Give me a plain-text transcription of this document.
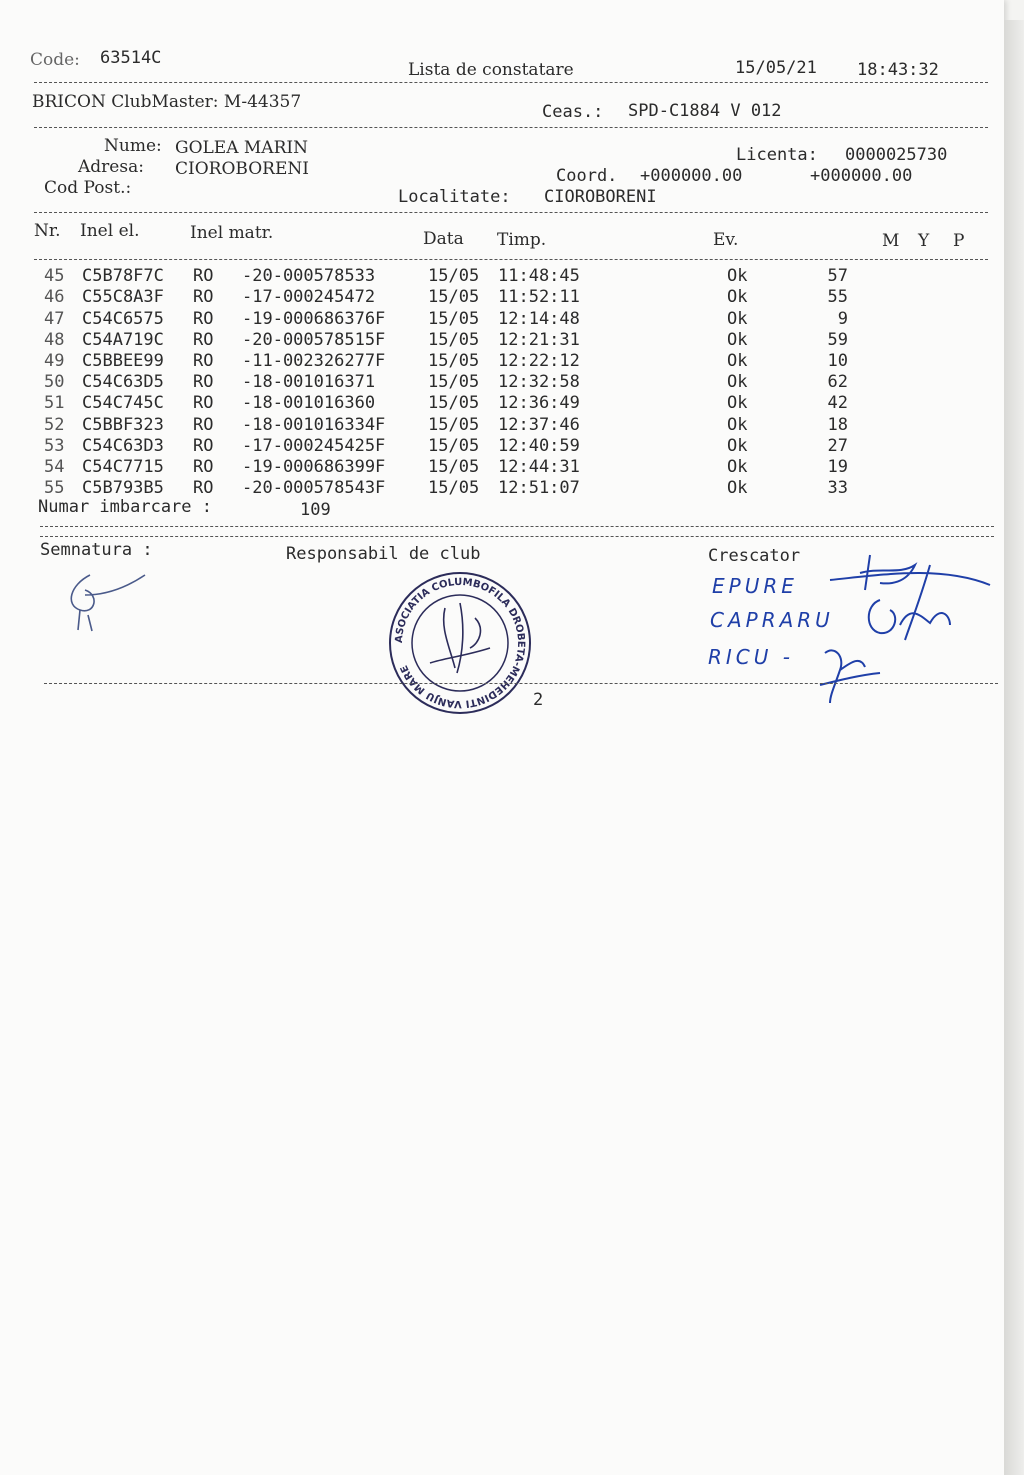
Code: 63514C
Lista de constatare	15/05/21 18:43:32
BRICON ClubMaster: M-44357	Ceas.: SPD-C1884 V 012
Nume: GOLEA MARIN
Adresa: CIOROBORENI
Cod Post.:
Licenta: 0000025730
Coord. +000000.00	+000000.00
Localitate: CIOROBORENI
Nr. Inel el.	Inel matr.	Data Timp.	Ev.	M Y P
45 C5B78F7C RO -20-000578533	15/05 11:48:45	Ok	57
46 C55C8A3F RO -17-000245472	15/05 11:52:11	Ok	55
47 C54C6575 RO -19-000686376F	15/05 12:14:48	Ok	9
48 C54A719C RO -20-000578515F	15/05 12:21:31	Ok	59
49 C5BBEE99 RO -11-002326277F	15/05 12:22:12	Ok	10
50 C54C63D5 RO -18-001016371	15/05 12:32:58	Ok	62
51 C54C745C RO -18-001016360	15/05 12:36:49	Ok	42
52 C5BBF323 RO -18-001016334F	15/05 12:37:46	Ok	18
53 C54C63D3 RO -17-000245425F	15/05 12:40:59	Ok	27
54 C54C7715 RO -19-000686399F	15/05 12:44:31	Ok	19
55 C5B793B5 RO -20-000578543F	15/05 12:51:07	Ok	33
Numar imbarcare :	109
Semnatura :	Responsabil de club	Crescator
EPURE
CAPRARU
RICU -
ASOCIATIA COLUMBOFILA DROBETA-MEHEDINTI VANJU MARE
2
